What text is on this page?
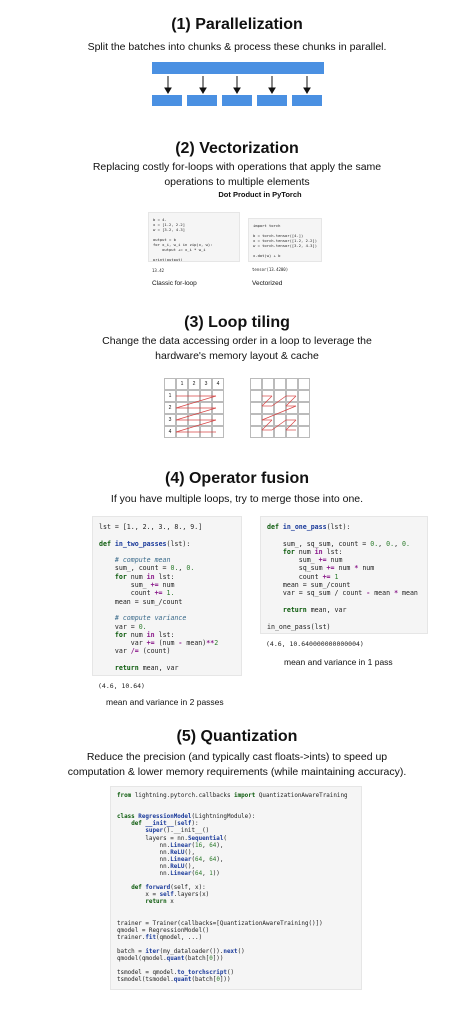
(1) Parallelization
Split the batches into chunks & process these chunks in parallel.
(2) Vectorization
Replacing costly for-loops with operations that apply the same
operations to multiple elements
Dot Product in PyTorch
b = 4.
x = [1.2, 2.2]
w = [3.2, 4.3]

output = b
for x_i, w_i in zip(x, w):
output += x_i * w_i

print(output)
13.42
Classic for-loop
import torch

b = torch.tensor([4.])
x = torch.tensor([1.2, 2.2])
w = torch.tensor([3.2, 4.3])

x.dot(w) + b
tensor(13.4200)
Vectorized
(3) Loop tiling
Change the data accessing order in a loop to leverage the
hardware's memory layout & cache
1
1
2
2
3
3
4
4
(4) Operator fusion
If you have multiple loops, try to merge those into one.
lst = [1., 2., 3., 8., 9.]

def in_two_passes(lst):

# compute mean
sum_, count = 0., 0.
for num in lst:
sum_ += num
count += 1.
mean = sum_/count

# compute variance
var = 0.
for num in lst:
var += (num - mean)**2
var /= (count)

return mean, var

(4.6, 10.64)
mean and variance in 2 passes
def in_one_pass(lst):

sum_, sq_sum, count = 0., 0., 0.
for num in lst:
sum_ += num
sq_sum += num * num
count += 1
mean = sum_/count
var = sq_sum / count - mean * mean

return mean, var

in_one_pass(lst)
(4.6, 10.640000000000004)
mean and variance in 1 pass
(5) Quantization
Reduce the precision (and typically cast floats->ints) to speed up
computation & lower memory requirements (while maintaining accuracy).
from lightning.pytorch.callbacks import QuantizationAwareTraining

class RegressionModel(LightningModule):
def __init__(self):
super().__init__()
layers = nn.Sequential(
nn.Linear(16, 64),
nn.ReLU(),
nn.Linear(64, 64),
nn.ReLU(),
nn.Linear(64, 1))

def forward(self, x):
x = self.layers(x)
return x

trainer = Trainer(callbacks=[QuantizationAwareTraining()])
qmodel = RegressionModel()
trainer.fit(qmodel, ...)

batch = iter(my_dataloader()).next()
qmodel(qmodel.quant(batch[0]))

tsmodel = qmodel.to_torchscript()
tsmodel(tsmodel.quant(batch[0]))
